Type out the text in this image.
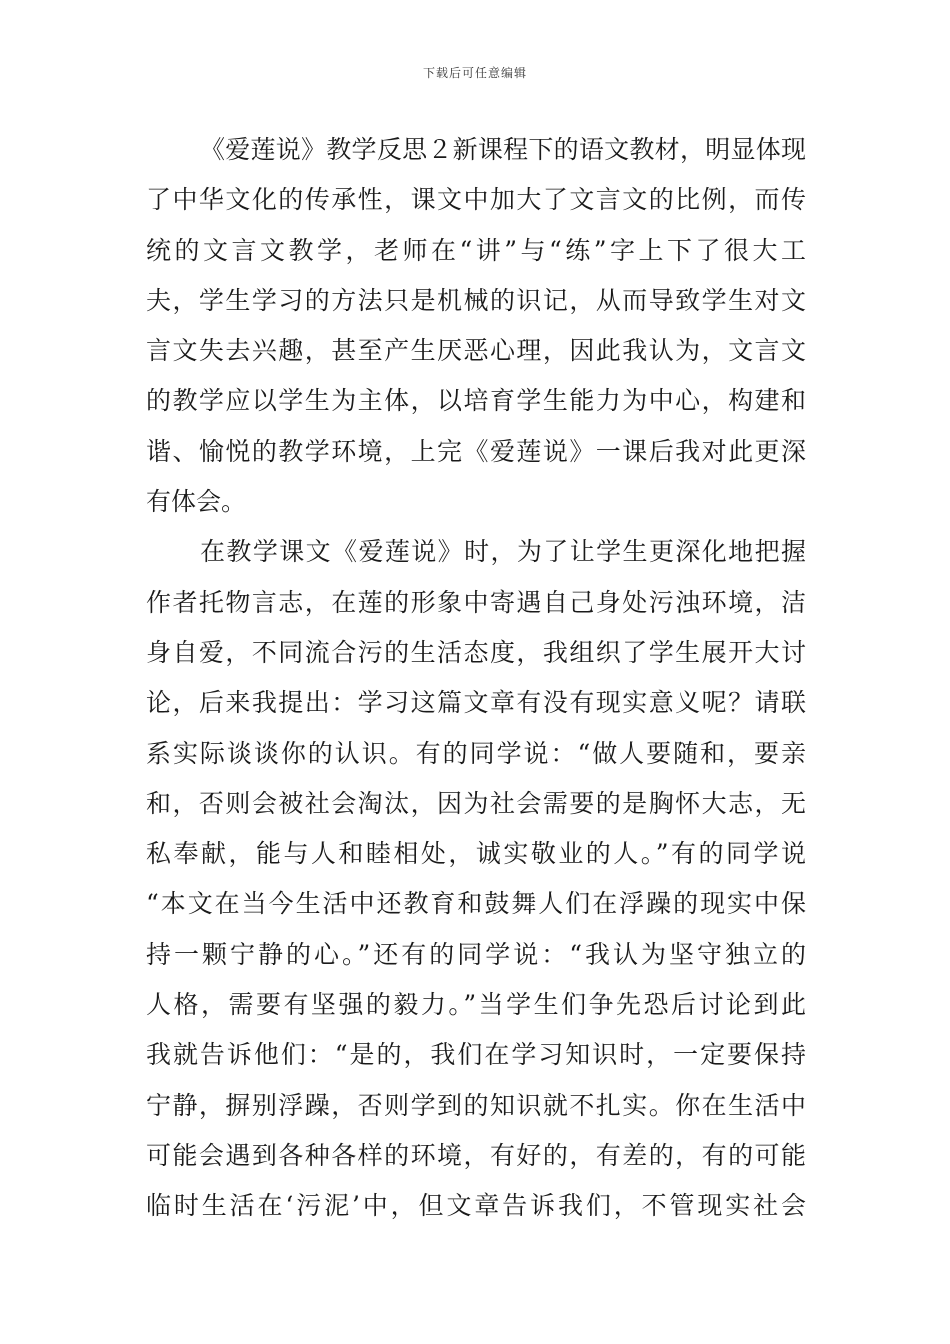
下载后可任意编辑
《爱莲说》教学反思２新课程下的语文教材，明显体现
了中华文化的传承性，课文中加大了文言文的比例，而传
统的文言文教学，老师在“讲”与“练”字上下了很大工
夫，学生学习的方法只是机械的识记，从而导致学生对文
言文失去兴趣，甚至产生厌恶心理，因此我认为，文言文
的教学应以学生为主体，以培育学生能力为中心，构建和
谐、愉悦的教学环境，上完《爱莲说》一课后我对此更深
有体会。
在教学课文《爱莲说》时，为了让学生更深化地把握
作者托物言志，在莲的形象中寄遇自己身处污浊环境，洁
身自爱，不同流合污的生活态度，我组织了学生展开大讨
论，后来我提出：学习这篇文章有没有现实意义呢？请联
系实际谈谈你的认识。有的同学说：“做人要随和，要亲
和，否则会被社会淘汰，因为社会需要的是胸怀大志，无
私奉献，能与人和睦相处，诚实敬业的人。”有的同学说
“本文在当今生活中还教育和鼓舞人们在浮躁的现实中保
持一颗宁静的心。”还有的同学说：“我认为坚守独立的
人格，需要有坚强的毅力。”当学生们争先恐后讨论到此
我就告诉他们：“是的，我们在学习知识时，一定要保持
宁静，摒别浮躁，否则学到的知识就不扎实。你在生活中
可能会遇到各种各样的环境，有好的，有差的，有的可能
临时生活在‘污泥’中，但文章告诉我们，不管现实社会
